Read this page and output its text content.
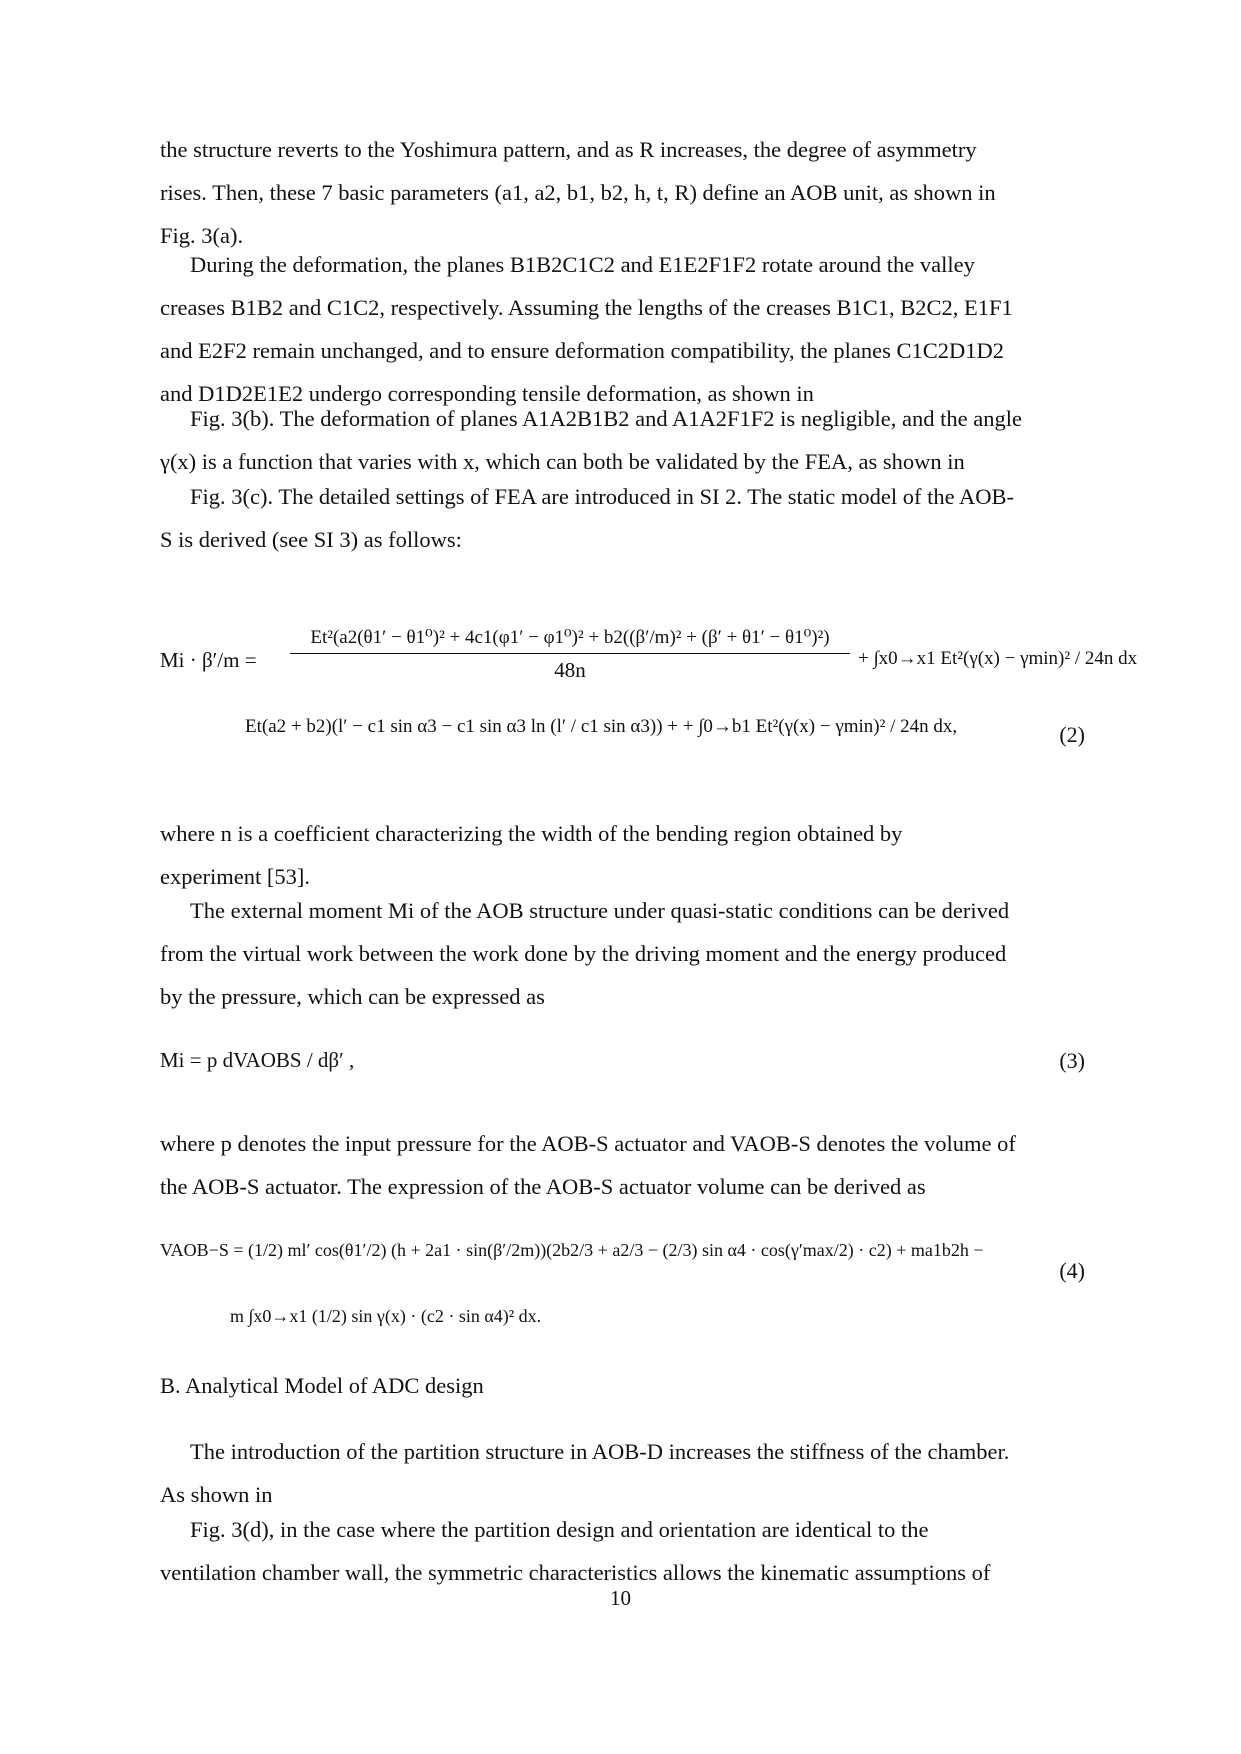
the structure reverts to the Yoshimura pattern, and as R increases, the degree of asymmetry
rises. Then, these 7 basic parameters (a1, a2, b1, b2, h, t, R) define an AOB unit, as shown in
Fig. 3(a).
During the deformation, the planes B1B2C1C2 and E1E2F1F2 rotate around the valley
creases B1B2 and C1C2, respectively. Assuming the lengths of the creases B1C1, B2C2, E1F1
and E2F2 remain unchanged, and to ensure deformation compatibility, the planes C1C2D1D2
and D1D2E1E2 undergo corresponding tensile deformation, as shown in
Fig. 3(b). The deformation of planes A1A2B1B2 and A1A2F1F2 is negligible, and the angle
γ(x) is a function that varies with x, which can both be validated by the FEA, as shown in
Fig. 3(c). The detailed settings of FEA are introduced in SI 2. The static model of the AOB-
S is derived (see SI 3) as follows:
Mi · β′/m =
Et²(a2(θ1′ − θ1⁰)² + 4c1(φ1′ − φ1⁰)² + b2((β′/m)² + (β′ + θ1′ − θ1⁰)²)
48n	+ ∫x0→x1 Et²(γ(x) − γmin)² / 24n dx
Et(a2 + b2)(l′ − c1 sin α3 − c1 sin α3 ln (l′ / c1 sin α3)) + + ∫0→b1 Et²(γ(x) − γmin)² / 24n dx,	(2)
where n is a coefficient characterizing the width of the bending region obtained by
experiment [53].
The external moment Mi of the AOB structure under quasi-static conditions can be derived
from the virtual work between the work done by the driving moment and the energy produced
by the pressure, which can be expressed as
Mi = p dVAOBS / dβ′ ,	(3)
where p denotes the input pressure for the AOB-S actuator and VAOB-S denotes the volume of
the AOB-S actuator. The expression of the AOB-S actuator volume can be derived as
VAOB−S = (1/2) ml′ cos(θ1′/2) (h + 2a1 · sin(β′/2m))(2b2/3 + a2/3 − (2/3) sin α4 · cos(γ′max/2) · c2) + ma1b2h −
m ∫x0→x1 (1/2) sin γ(x) · (c2 · sin α4)² dx.
(4)
B. Analytical Model of ADC design
The introduction of the partition structure in AOB-D increases the stiffness of the chamber.
As shown in
Fig. 3(d), in the case where the partition design and orientation are identical to the
ventilation chamber wall, the symmetric characteristics allows the kinematic assumptions of
10
